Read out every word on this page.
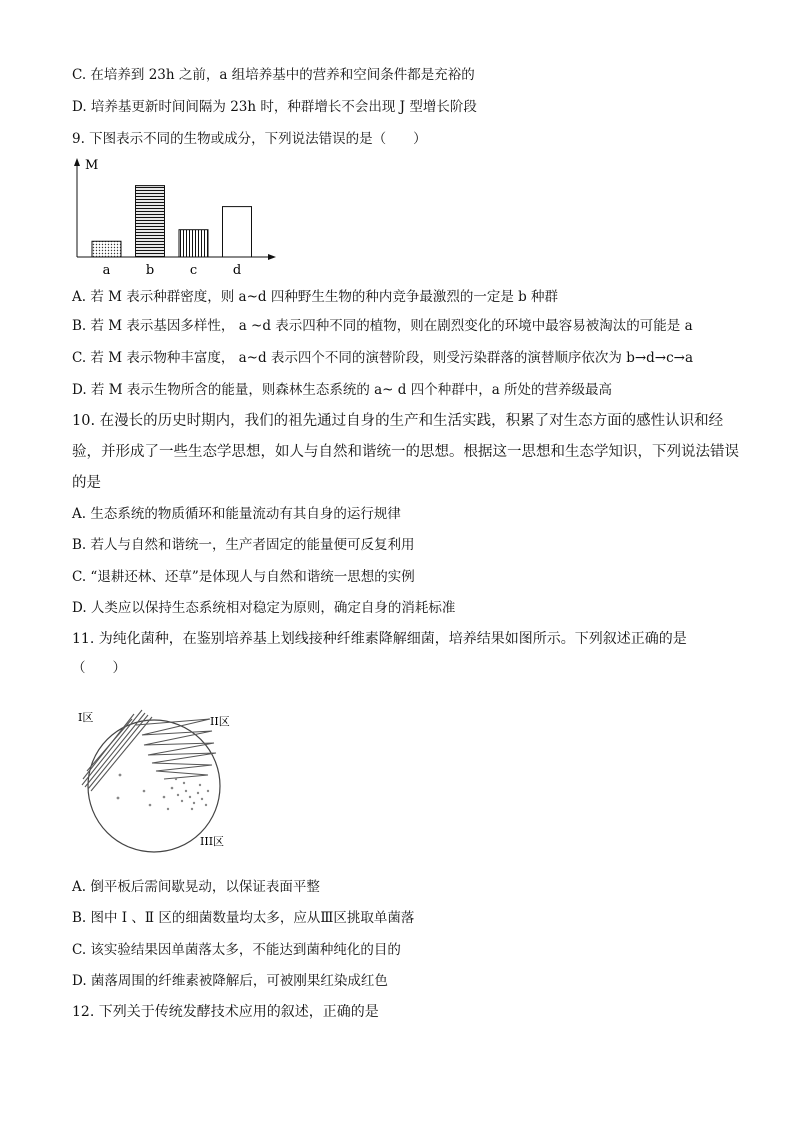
C. 在培养到 23h 之前，a 组培养基中的营养和空间条件都是充裕的
D. 培养基更新时间间隔为 23h 时，种群增长不会出现 J 型增长阶段
9. 下图表示不同的生物或成分，下列说法错误的是（　　）
M
a	b	c	d
A. 若 M 表示种群密度，则 a~d 四种野生生物的种内竞争最激烈的一定是 b 种群
B. 若 M 表示基因多样性， a ~d 表示四种不同的植物，则在剧烈变化的环境中最容易被淘汰的可能是 a
C. 若 M 表示物种丰富度， a~d 表示四个不同的演替阶段，则受污染群落的演替顺序依次为 b→d→c→a
D. 若 M 表示生物所含的能量，则森林生态系统的 a~ d 四个种群中，a 所处的营养级最高
10. 在漫长的历史时期内，我们的祖先通过自身的生产和生活实践，积累了对生态方面的感性认识和经
验，并形成了一些生态学思想，如人与自然和谐统一的思想。根据这一思想和生态学知识，下列说法错误
的是
A. 生态系统的物质循环和能量流动有其自身的运行规律
B. 若人与自然和谐统一，生产者固定的能量便可反复利用
C. “退耕还林、还草”是体现人与自然和谐统一思想的实例
D. 人类应以保持生态系统相对稳定为原则，确定自身的消耗标准
11. 为纯化菌种，在鉴别培养基上划线接种纤维素降解细菌，培养结果如图所示。下列叙述正确的是
（　　）
I区	II区
III区
A. 倒平板后需间歇晃动，以保证表面平整
B. 图中 Ⅰ 、Ⅱ 区的细菌数量均太多，应从Ⅲ区挑取单菌落
C. 该实验结果因单菌落太多，不能达到菌种纯化的目的
D. 菌落周围的纤维素被降解后，可被刚果红染成红色
12. 下列关于传统发酵技术应用的叙述，正确的是
